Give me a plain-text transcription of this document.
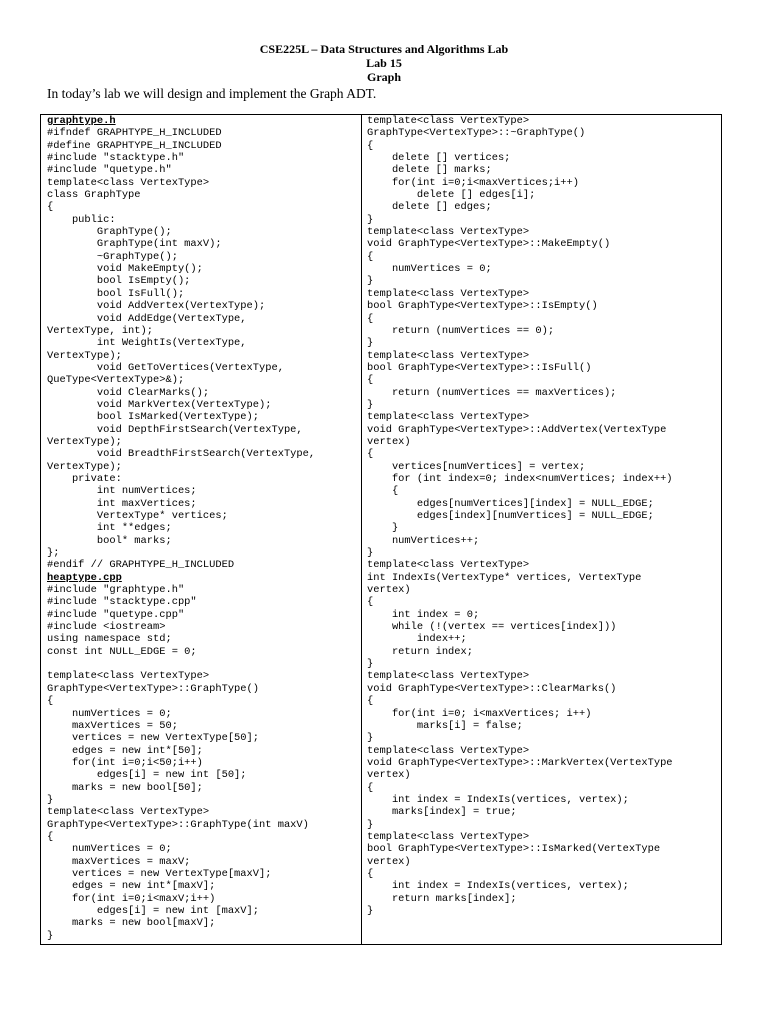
CSE225L – Data Structures and Algorithms Lab
Lab 15
Graph
In today’s lab we will design and implement the Graph ADT.
graphtype.h
#ifndef GRAPHTYPE_H_INCLUDED
#define GRAPHTYPE_H_INCLUDED
#include "stacktype.h"
#include "quetype.h"
template<class VertexType>
class GraphType
{
public:
GraphType();
GraphType(int maxV);
~GraphType();
void MakeEmpty();
bool IsEmpty();
bool IsFull();
void AddVertex(VertexType);
void AddEdge(VertexType,
VertexType, int);
int WeightIs(VertexType,
VertexType);
void GetToVertices(VertexType,
QueType<VertexType>&);
void ClearMarks();
void MarkVertex(VertexType);
bool IsMarked(VertexType);
void DepthFirstSearch(VertexType,
VertexType);
void BreadthFirstSearch(VertexType,
VertexType);
private:
int numVertices;
int maxVertices;
VertexType* vertices;
int **edges;
bool* marks;
};
#endif // GRAPHTYPE_H_INCLUDED
heaptype.cpp
#include "graphtype.h"
#include "stacktype.cpp"
#include "quetype.cpp"
#include <iostream>
using namespace std;
const int NULL_EDGE = 0;

template<class VertexType>
GraphType<VertexType>::GraphType()
{
numVertices = 0;
maxVertices = 50;
vertices = new VertexType[50];
edges = new int*[50];
for(int i=0;i<50;i++)
edges[i] = new int [50];
marks = new bool[50];
}
template<class VertexType>
GraphType<VertexType>::GraphType(int maxV)
{
numVertices = 0;
maxVertices = maxV;
vertices = new VertexType[maxV];
edges = new int*[maxV];
for(int i=0;i<maxV;i++)
edges[i] = new int [maxV];
marks = new bool[maxV];
}
template<class VertexType>
GraphType<VertexType>::~GraphType()
{
delete [] vertices;
delete [] marks;
for(int i=0;i<maxVertices;i++)
delete [] edges[i];
delete [] edges;
}
template<class VertexType>
void GraphType<VertexType>::MakeEmpty()
{
numVertices = 0;
}
template<class VertexType>
bool GraphType<VertexType>::IsEmpty()
{
return (numVertices == 0);
}
template<class VertexType>
bool GraphType<VertexType>::IsFull()
{
return (numVertices == maxVertices);
}
template<class VertexType>
void GraphType<VertexType>::AddVertex(VertexType
vertex)
{
vertices[numVertices] = vertex;
for (int index=0; index<numVertices; index++)
{
edges[numVertices][index] = NULL_EDGE;
edges[index][numVertices] = NULL_EDGE;
}
numVertices++;
}
template<class VertexType>
int IndexIs(VertexType* vertices, VertexType
vertex)
{
int index = 0;
while (!(vertex == vertices[index]))
index++;
return index;
}
template<class VertexType>
void GraphType<VertexType>::ClearMarks()
{
for(int i=0; i<maxVertices; i++)
marks[i] = false;
}
template<class VertexType>
void GraphType<VertexType>::MarkVertex(VertexType
vertex)
{
int index = IndexIs(vertices, vertex);
marks[index] = true;
}
template<class VertexType>
bool GraphType<VertexType>::IsMarked(VertexType
vertex)
{
int index = IndexIs(vertices, vertex);
return marks[index];
}
